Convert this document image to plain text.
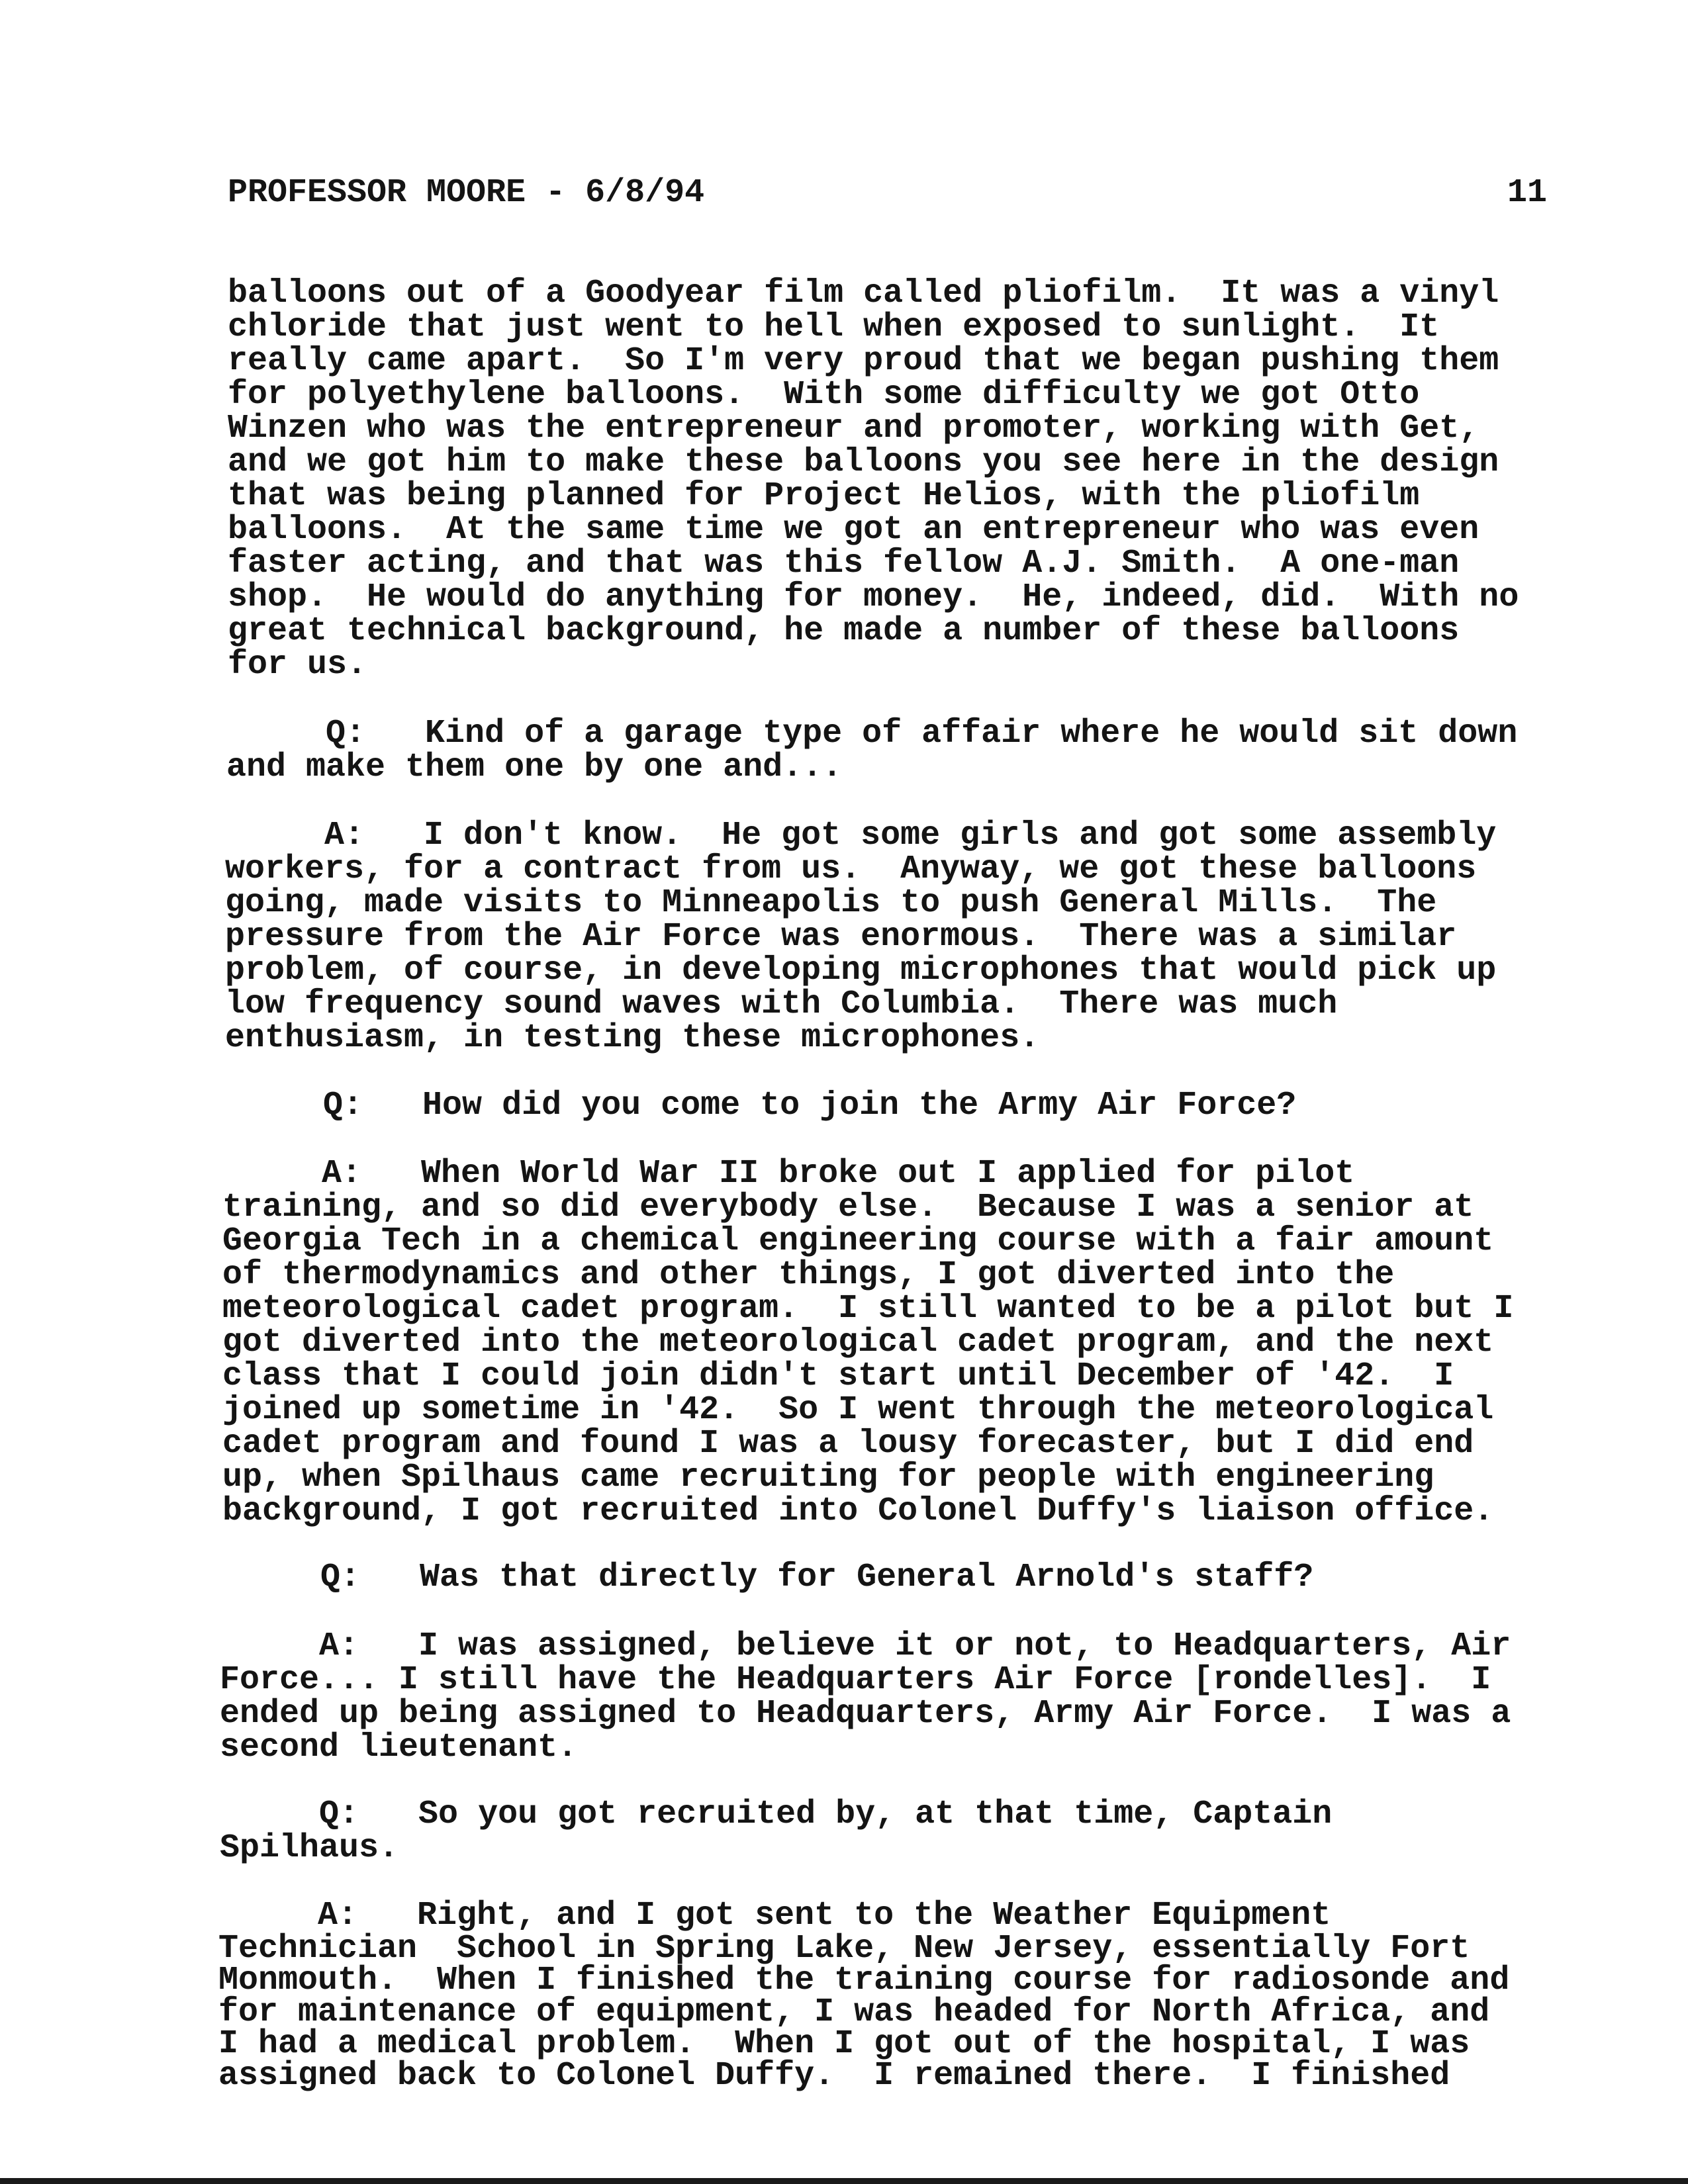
PROFESSOR MOORE - 6/8/94	11
balloons out of a Goodyear film called pliofilm.  It was a vinyl
chloride that just went to hell when exposed to sunlight.  It
really came apart.  So I'm very proud that we began pushing them
for polyethylene balloons.  With some difficulty we got Otto
Winzen who was the entrepreneur and promoter, working with Get,
and we got him to make these balloons you see here in the design
that was being planned for Project Helios, with the pliofilm
balloons.  At the same time we got an entrepreneur who was even
faster acting, and that was this fellow A.J. Smith.  A one-man
shop.  He would do anything for money.  He, indeed, did.  With no
great technical background, he made a number of these balloons
for us.
Q:   Kind of a garage type of affair where he would sit down
and make them one by one and...
A:   I don't know.  He got some girls and got some assembly
workers, for a contract from us.  Anyway, we got these balloons
going, made visits to Minneapolis to push General Mills.  The
pressure from the Air Force was enormous.  There was a similar
problem, of course, in developing microphones that would pick up
low frequency sound waves with Columbia.  There was much
enthusiasm, in testing these microphones.
Q:   How did you come to join the Army Air Force?
A:   When World War II broke out I applied for pilot
training, and so did everybody else.  Because I was a senior at
Georgia Tech in a chemical engineering course with a fair amount
of thermodynamics and other things, I got diverted into the
meteorological cadet program.  I still wanted to be a pilot but I
got diverted into the meteorological cadet program, and the next
class that I could join didn't start until December of '42.  I
joined up sometime in '42.  So I went through the meteorological
cadet program and found I was a lousy forecaster, but I did end
up, when Spilhaus came recruiting for people with engineering
background, I got recruited into Colonel Duffy's liaison office.
Q:   Was that directly for General Arnold's staff?
A:   I was assigned, believe it or not, to Headquarters, Air
Force... I still have the Headquarters Air Force [rondelles].  I
ended up being assigned to Headquarters, Army Air Force.  I was a
second lieutenant.
Q:   So you got recruited by, at that time, Captain
Spilhaus.
A:   Right, and I got sent to the Weather Equipment
Technician  School in Spring Lake, New Jersey, essentially Fort
Monmouth.  When I finished the training course for radiosonde and
for maintenance of equipment, I was headed for North Africa, and
I had a medical problem.  When I got out of the hospital, I was
assigned back to Colonel Duffy.  I remained there.  I finished
